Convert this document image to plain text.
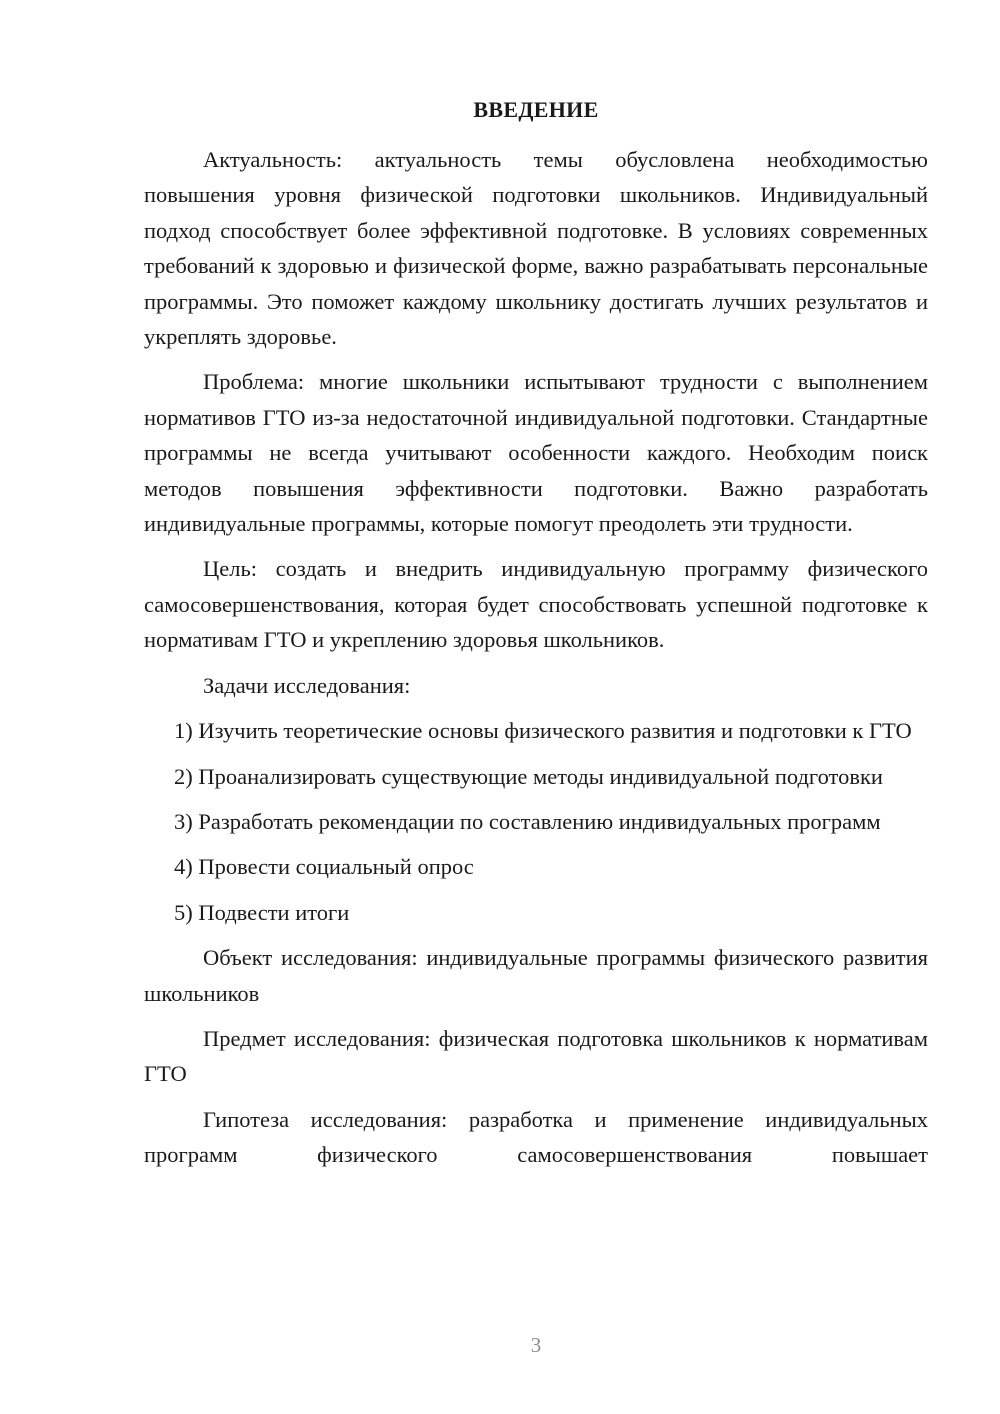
ВВЕДЕНИЕ

Актуальность: актуальность темы обусловлена необходимостью повышения уровня физической подготовки школьников. Индивидуальный подход способствует более эффективной подготовке. В условиях современных требований к здоровью и физической форме, важно разрабатывать персональные программы. Это поможет каждому школьнику достигать лучших результатов и укреплять здоровье.

Проблема: многие школьники испытывают трудности с выполнением нормативов ГТО из-за недостаточной индивидуальной подготовки. Стандартные программы не всегда учитывают особенности каждого. Необходим поиск методов повышения эффективности подготовки. Важно разработать индивидуальные программы, которые помогут преодолеть эти трудности.

Цель: создать и внедрить индивидуальную программу физического самосовершенствования, которая будет способствовать успешной подготовке к нормативам ГТО и укреплению здоровья школьников.

Задачи исследования:

1) Изучить теоретические основы физического развития и подготовки к ГТО

2) Проанализировать существующие методы индивидуальной подготовки

3) Разработать рекомендации по составлению индивидуальных программ

4) Провести социальный опрос

5) Подвести итоги

Объект исследования: индивидуальные программы физического развития школьников

Предмет исследования: физическая подготовка школьников к нормативам ГТО

Гипотеза исследования: разработка и применение индивидуальных программ физического самосовершенствования повышает

3
